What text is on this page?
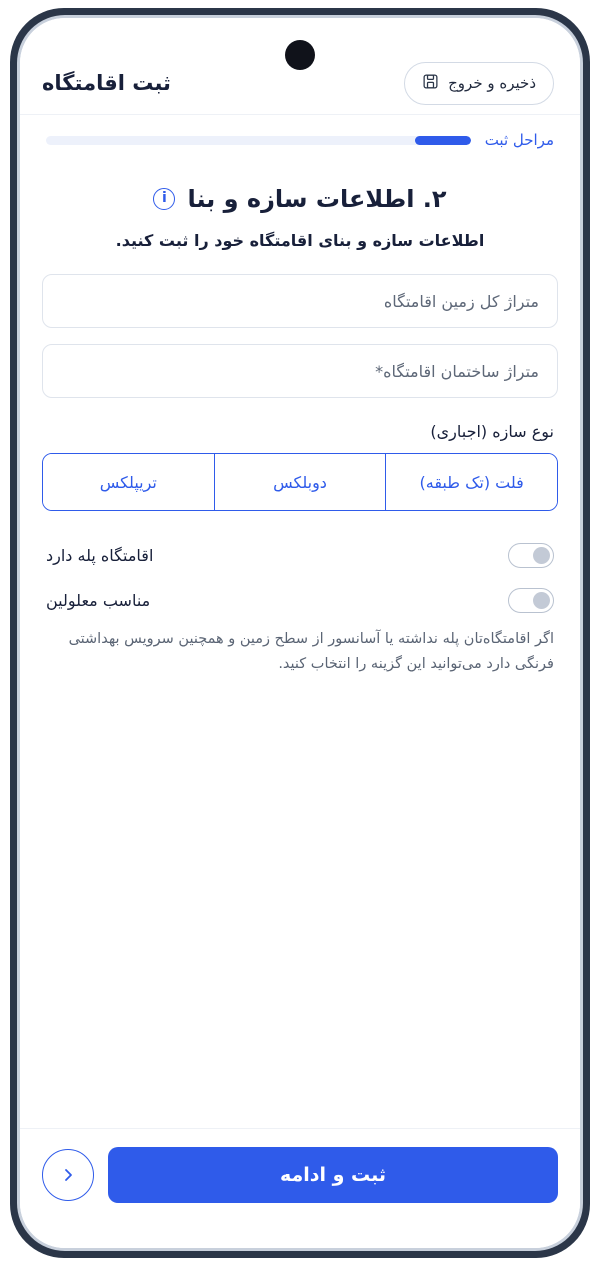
ذخیره و خروج
ثبت اقامتگاه
مراحل ثبت
۲. اطلاعات سازه و بنا
i
اطلاعات سازه و بنای اقامتگاه خود را ثبت کنید.
متراژ کل زمین اقامتگاه متراژ ساختمان اقامتگاه*
نوع سازه (اجباری)
فلت (تک طبقه)
دوبلکس
تریپلکس
اقامتگاه پله دارد
مناسب معلولین
اگر اقامتگاه‌تان پله نداشته یا آسانسور از سطح زمین و همچنین سرویس بهداشتی فرنگی دارد می‌توانید این گزینه را انتخاب کنید.
ثبت و ادامه
